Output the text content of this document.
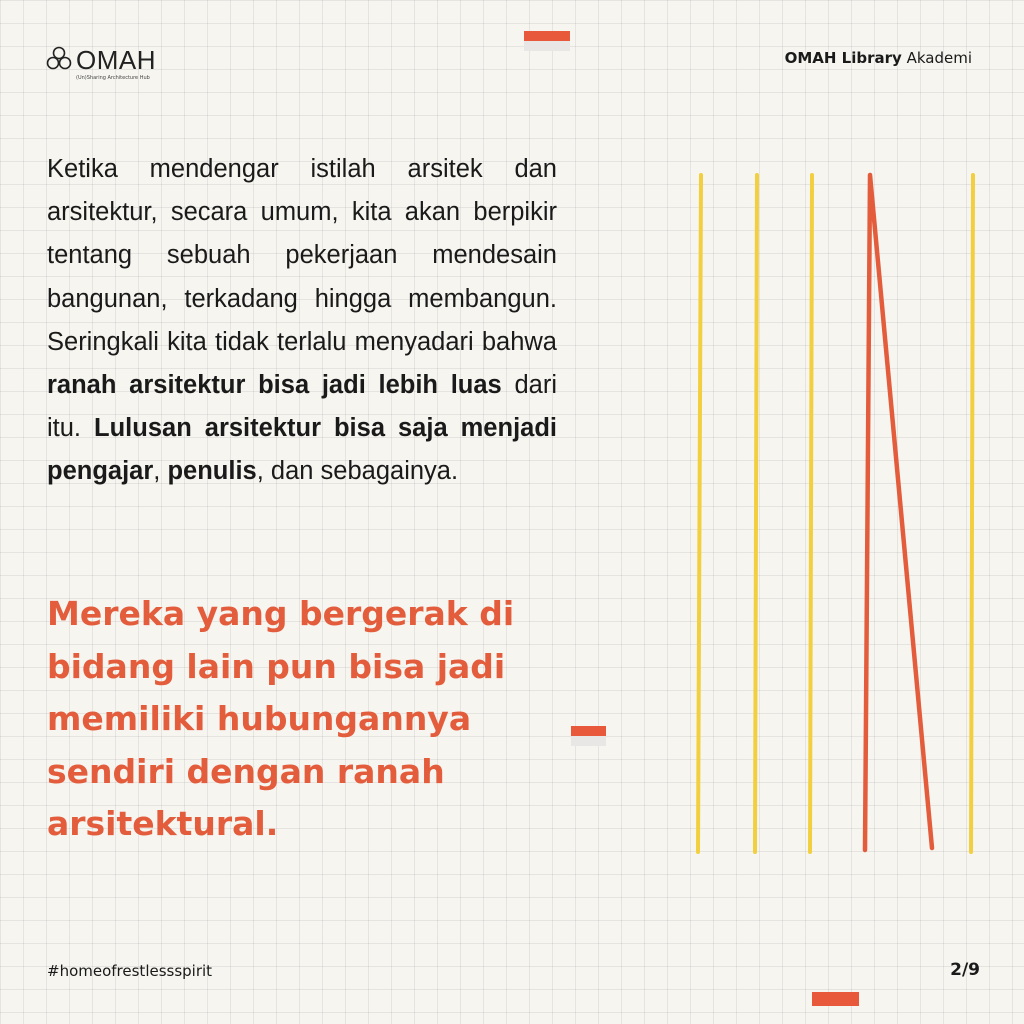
OMAH
(Un)Sharing Architecture Hub
OMAH Library Akademi
Ketika mendengar istilah arsitek dan arsitektur, secara umum, kita akan berpikir tentang sebuah pekerjaan mendesain bangunan, terkadang hingga membangun. Seringkali kita tidak terlalu menyadari bahwa ranah arsitektur bisa jadi lebih luas dari itu. Lulusan arsitektur bisa saja menjadi pengajar, penulis, dan sebagainya.
Mereka yang bergerak di bidang lain pun bisa jadi memiliki hubungannya sendiri dengan ranah arsitektural.
#homeofrestlessspirit	2/9
